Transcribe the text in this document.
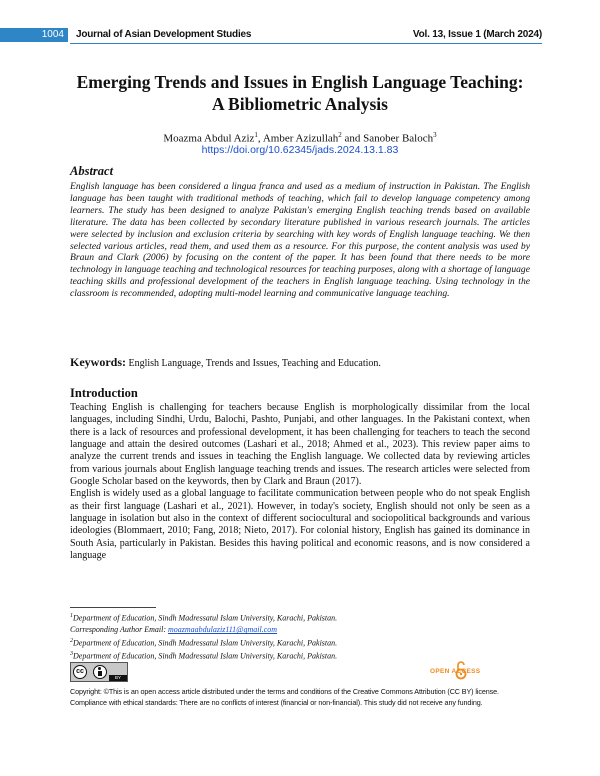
1004	Journal of Asian Development Studies	Vol. 13, Issue 1 (March 2024)
Emerging Trends and Issues in English Language Teaching:
A Bibliometric Analysis
Moazma Abdul Aziz$^1$, Amber Azizullah$^2$ and Sanober Baloch$^3$
https://doi.org/10.62345/jads.2024.13.1.83
Abstract

English language has been considered a lingua franca and used as a medium of instruction in Pakistan. The English language has been taught with traditional methods of teaching, which fail to develop language competency among learners. The study has been designed to analyze Pakistan's emerging English teaching trends based on available literature. The data has been collected by secondary literature published in various research journals. The articles were selected by inclusion and exclusion criteria by searching with key words of English language teaching. We then selected various articles, read them, and used them as a resource. For this purpose, the content analysis was used by Braun and Clark (2006) by focusing on the content of the paper. It has been found that there needs to be more technology in language teaching and technological resources for teaching purposes, along with a shortage of language teaching skills and professional development of the teachers in English language teaching. Using technology in the classroom is recommended, adopting multi-model learning and communicative language teaching.

Keywords: English Language, Trends and Issues, Teaching and Education.
Introduction

Teaching English is challenging for teachers because English is morphologically dissimilar from the local languages, including Sindhi, Urdu, Balochi, Pashto, Punjabi, and other languages. In the Pakistani context, when there is a lack of resources and professional development, it has been challenging for teachers to teach the second language and attain the desired outcomes (Lashari et al., 2018; Ahmed et al., 2023). This review paper aims to analyze the current trends and issues in teaching the English language. We collected data by reviewing articles from various journals about English language teaching trends and issues. The research articles were selected from Google Scholar based on the keywords, then by Clark and Braun (2017).

English is widely used as a global language to facilitate communication between people who do not speak English as their first language (Lashari et al., 2021). However, in today's society, English should not only be seen as a language in isolation but also in the context of different sociocultural and sociopolitical backgrounds and various ideologies (Blommaert, 2010; Fang, 2018; Nieto, 2017). For colonial history, English has gained its dominance in South Asia, particularly in Pakistan. Besides this having political and economic reasons, and is now considered a language

$^1$Department of Education, Sindh Madressatul Islam University, Karachi, Pakistan.
Corresponding Author Email: moazmaabdulaziz111@gmail.com
$^2$Department of Education, Sindh Madressatul Islam University, Karachi, Pakistan.
$^3$Department of Education, Sindh Madressatul Islam University, Karachi, Pakistan.
cc
BY
OPEN ACCESS
Copyright: ©This is an open access article distributed under the terms and conditions of the Creative Commons Attribution (CC BY) license.
Compliance with ethical standards: There are no conflicts of interest (financial or non-financial). This study did not receive any funding.
